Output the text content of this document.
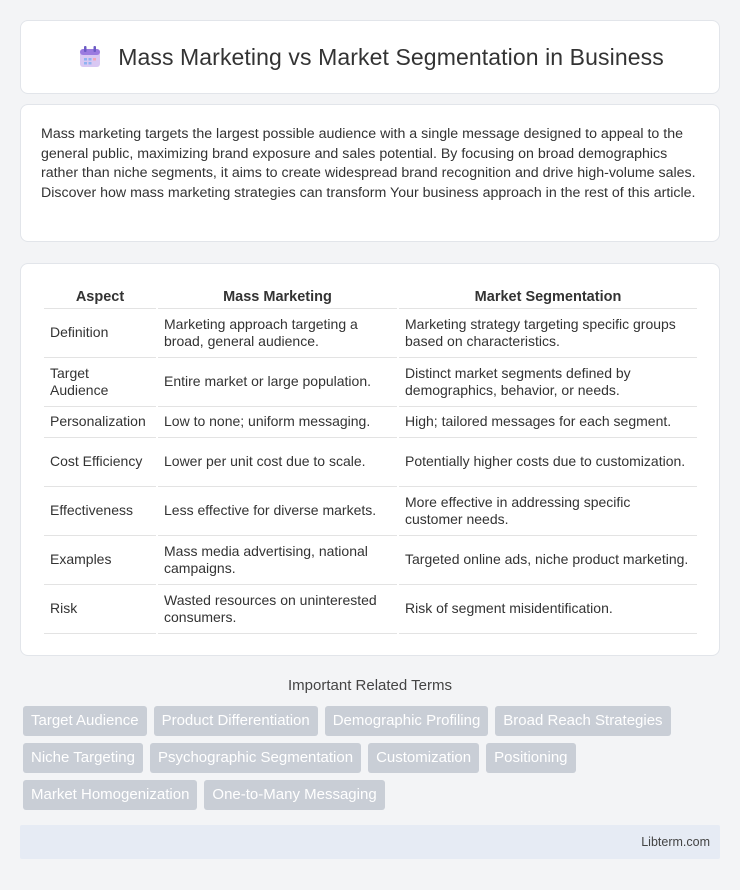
Mass Marketing vs Market Segmentation in Business

Mass marketing targets the largest possible audience with a single message designed to appeal to the general public, maximizing brand exposure and sales potential. By focusing on broad demographics rather than niche segments, it aims to create widespread brand recognition and drive high-volume sales. Discover how mass marketing strategies can transform Your business approach in the rest of this article.

Aspect	Mass Marketing	Market Segmentation
Definition	Marketing approach targeting a broad, general audience.	Marketing strategy targeting specific groups based on characteristics.
Target Audience	Entire market or large population.	Distinct market segments defined by demographics, behavior, or needs.
Personalization	Low to none; uniform messaging.	High; tailored messages for each segment.
Cost Efficiency	Lower per unit cost due to scale.	Potentially higher costs due to customization.
Effectiveness	Less effective for diverse markets.	More effective in addressing specific customer needs.
Examples	Mass media advertising, national campaigns.	Targeted online ads, niche product marketing.
Risk	Wasted resources on uninterested consumers.	Risk of segment misidentification.
Important Related Terms
Target Audience	Product Differentiation	Demographic Profiling	Broad Reach Strategies
Niche Targeting	Psychographic Segmentation	Customization	Positioning
Market Homogenization	One-to-Many Messaging
Libterm.com
